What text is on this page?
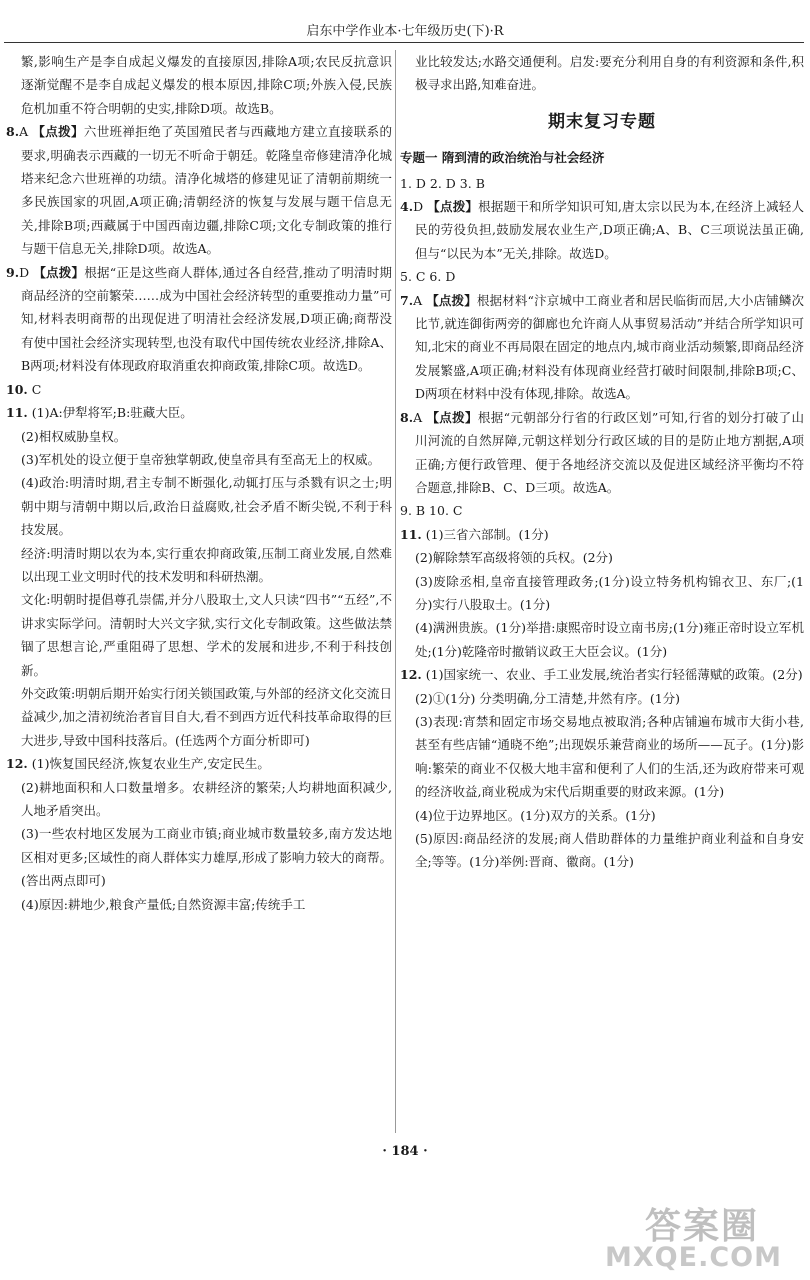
启东中学作业本·七年级历史(下)·R

繁,影响生产是李自成起义爆发的直接原因,排除A项;农民反抗意识逐渐觉醒不是李自成起义爆发的根本原因,排除C项;外族入侵,民族危机加重不符合明朝的史实,排除D项。故选B。

8.A 【点拨】六世班禅拒绝了英国殖民者与西藏地方建立直接联系的要求,明确表示西藏的一切无不听命于朝廷。乾隆皇帝修建清净化城塔来纪念六世班禅的功绩。清净化城塔的修建见证了清朝前期统一多民族国家的巩固,A项正确;清朝经济的恢复与发展与题干信息无关,排除B项;西藏属于中国西南边疆,排除C项;文化专制政策的推行与题干信息无关,排除D项。故选A。

9.D 【点拨】根据“正是这些商人群体,通过各自经营,推动了明清时期商品经济的空前繁荣……成为中国社会经济转型的重要推动力量”可知,材料表明商帮的出现促进了明清社会经济发展,D项正确;商帮没有使中国社会经济实现转型,也没有取代中国传统农业经济,排除A、B两项;材料没有体现政府取消重农抑商政策,排除C项。故选D。

10. C

11. (1)A:伊犁将军;B:驻藏大臣。

(2)相权威胁皇权。

(3)军机处的设立便于皇帝独掌朝政,使皇帝具有至高无上的权威。

(4)政治:明清时期,君主专制不断强化,动辄打压与杀戮有识之士;明朝中期与清朝中期以后,政治日益腐败,社会矛盾不断尖锐,不利于科技发展。

经济:明清时期以农为本,实行重农抑商政策,压制工商业发展,自然难以出现工业文明时代的技术发明和科研热潮。

文化:明朝时提倡尊孔崇儒,并分八股取士,文人只读“四书”“五经”,不讲求实际学问。清朝时大兴文字狱,实行文化专制政策。这些做法禁锢了思想言论,严重阻碍了思想、学术的发展和进步,不利于科技创新。

外交政策:明朝后期开始实行闭关锁国政策,与外部的经济文化交流日益减少,加之清初统治者盲目自大,看不到西方近代科技革命取得的巨大进步,导致中国科技落后。(任选两个方面分析即可)

12. (1)恢复国民经济,恢复农业生产,安定民生。

(2)耕地面积和人口数量增多。农耕经济的繁荣;人均耕地面积减少,人地矛盾突出。

(3)一些农村地区发展为工商业市镇;商业城市数量较多,南方发达地区相对更多;区域性的商人群体实力雄厚,形成了影响力较大的商帮。(答出两点即可)

(4)原因:耕地少,粮食产量低;自然资源丰富;传统手工

业比较发达;水路交通便利。启发:要充分利用自身的有利资源和条件,积极寻求出路,知难奋进。

期末复习专题

专题一 隋到清的政治统治与社会经济

1. D 2. D 3. B

4.D 【点拨】根据题干和所学知识可知,唐太宗以民为本,在经济上减轻人民的劳役负担,鼓励发展农业生产,D项正确;A、B、C三项说法虽正确,但与“以民为本”无关,排除。故选D。

5. C 6. D

7.A 【点拨】根据材料“汴京城中工商业者和居民临街而居,大小店铺鳞次比节,就连御街两旁的御廊也允许商人从事贸易活动”并结合所学知识可知,北宋的商业不再局限在固定的地点内,城市商业活动频繁,即商品经济发展繁盛,A项正确;材料没有体现商业经营打破时间限制,排除B项;C、D两项在材料中没有体现,排除。故选A。

8.A 【点拨】根据“元朝部分行省的行政区划”可知,行省的划分打破了山川河流的自然屏障,元朝这样划分行政区域的目的是防止地方割据,A项正确;方便行政管理、便于各地经济交流以及促进区域经济平衡均不符合题意,排除B、C、D三项。故选A。

9. B 10. C

11. (1)三省六部制。(1分)

(2)解除禁军高级将领的兵权。(2分)

(3)废除丞相,皇帝直接管理政务;(1分)设立特务机构锦衣卫、东厂;(1分)实行八股取士。(1分)

(4)满洲贵族。(1分)举措:康熙帝时设立南书房;(1分)雍正帝时设立军机处;(1分)乾隆帝时撤销议政王大臣会议。(1分)

12. (1)国家统一、农业、手工业发展,统治者实行轻徭薄赋的政策。(2分)

(2)①(1分) 分类明确,分工清楚,井然有序。(1分)

(3)表现:宵禁和固定市场交易地点被取消;各种店铺遍布城市大街小巷,甚至有些店铺“通晓不绝”;出现娱乐兼营商业的场所——瓦子。(1分)影响:繁荣的商业不仅极大地丰富和便利了人们的生活,还为政府带来可观的经济收益,商业税成为宋代后期重要的财政来源。(1分)

(4)位于边界地区。(1分)双方的关系。(1分)

(5)原因:商品经济的发展;商人借助群体的力量维护商业利益和自身安全;等等。(1分)举例:晋商、徽商。(1分)

· 184 ·
答案圈
MXQE.COM
